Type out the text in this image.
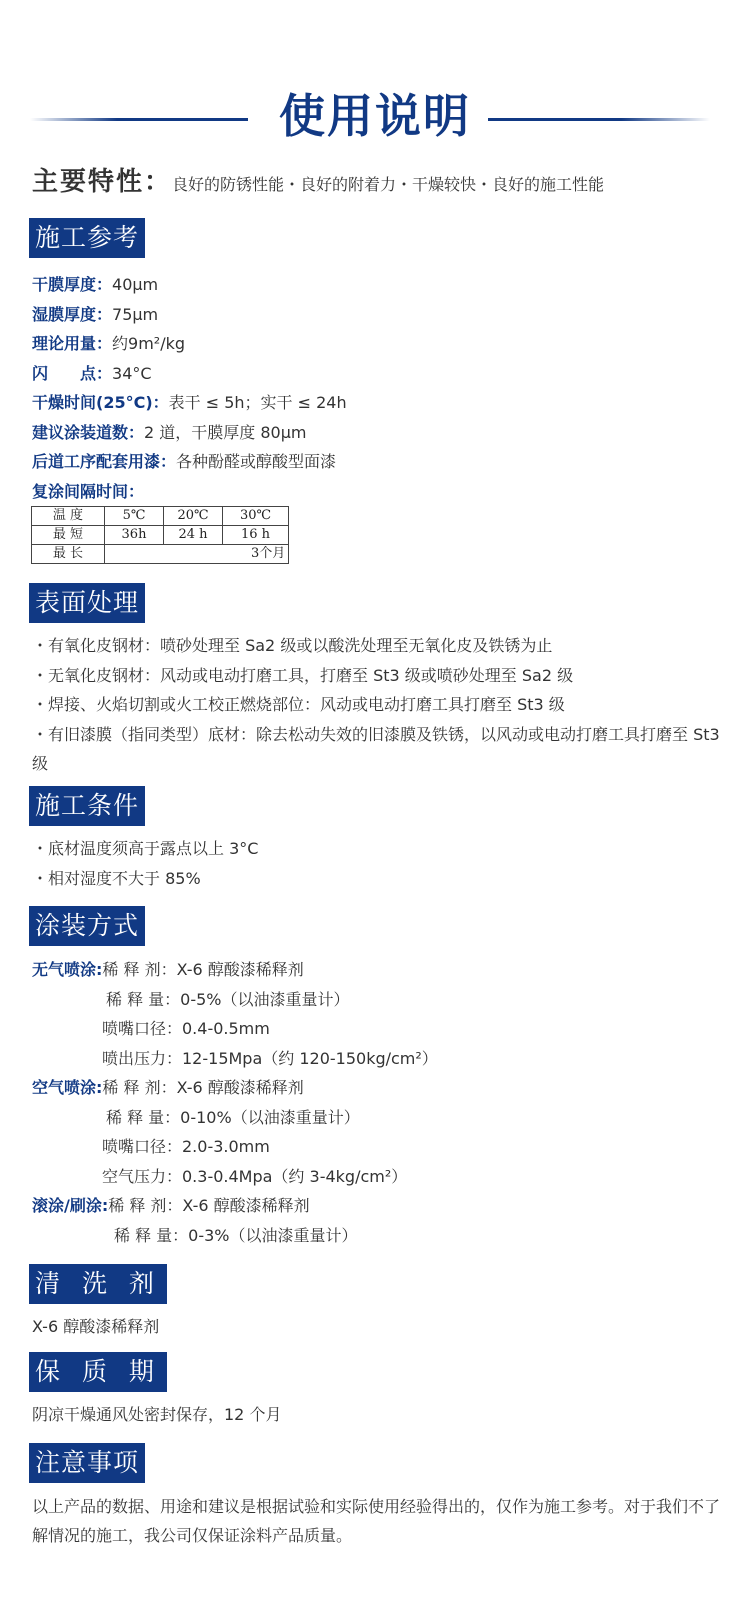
使用说明
主要特性：良好的防锈性能・良好的附着力・干燥较快・良好的施工性能
施工参考
干膜厚度：40μm
湿膜厚度：75μm
理论用量：约9m²/kg
闪　　点：34°C
干燥时间(25°C)：表干 ≤ 5h；实干 ≤ 24h
建议涂装道数：2 道，干膜厚度 80μm
后道工序配套用漆：各种酚醛或醇酸型面漆
复涂间隔时间：
温 度	5℃	20℃	30℃
最 短	36h	24 h	16 h
最 长	3个月		
表面处理
・有氧化皮钢材：喷砂处理至 Sa2 级或以酸洗处理至无氧化皮及铁锈为止
・无氧化皮钢材：风动或电动打磨工具，打磨至 St3 级或喷砂处理至 Sa2 级
・焊接、火焰切割或火工校正燃烧部位：风动或电动打磨工具打磨至 St3 级
・有旧漆膜（指同类型）底材：除去松动失效的旧漆膜及铁锈，以风动或电动打磨工具打磨至 St3 级
施工条件
・底材温度须高于露点以上 3°C
・相对湿度不大于 85%
涂装方式
无气喷涂:稀 释 剂：X-6 醇酸漆稀释剂
稀 释 量：0-5%（以油漆重量计）
喷嘴口径：0.4-0.5mm
喷出压力：12-15Mpa（约 120-150kg/cm²）
空气喷涂:稀 释 剂：X-6 醇酸漆稀释剂
稀 释 量：0-10%（以油漆重量计）
喷嘴口径：2.0-3.0mm
空气压力：0.3-0.4Mpa（约 3-4kg/cm²）
滚涂/刷涂:稀 释 剂：X-6 醇酸漆稀释剂
稀 释 量：0-3%（以油漆重量计）
清 洗 剂
X-6 醇酸漆稀释剂
保 质 期
阴凉干燥通风处密封保存，12 个月
注意事项
以上产品的数据、用途和建议是根据试验和实际使用经验得出的，仅作为施工参考。对于我们不了解情况的施工，我公司仅保证涂料产品质量。
